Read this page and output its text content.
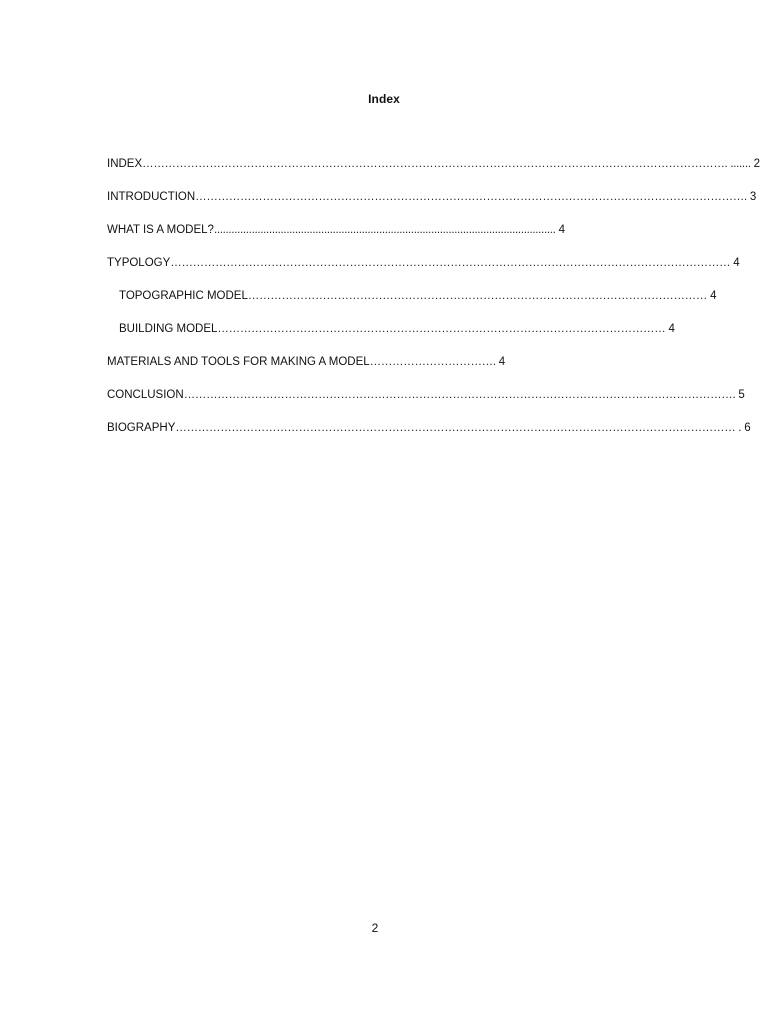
Index
INDEX …………………………………………………………………………………………………………………………………………. ....... 2
INTRODUCTION …………………………………………………………………………………………………………………………………. 3
WHAT IS A MODEL? ...................................................................................................................... 4
TYPOLOGY …………………………………………………………………………………………………………………………………… 4
TOPOGRAPHIC MODEL …………………………………………………………………………………………………………… 4
BUILDING MODEL ………………………………………………………………………………………………………… 4
MATERIALS AND TOOLS FOR MAKING A MODEL ……………………………. 4
CONCLUSION …………………………………………………………………………………………………………………………………. 5
BIOGRAPHY …………………………………………………………………………………………………………………………………… . 6
2
